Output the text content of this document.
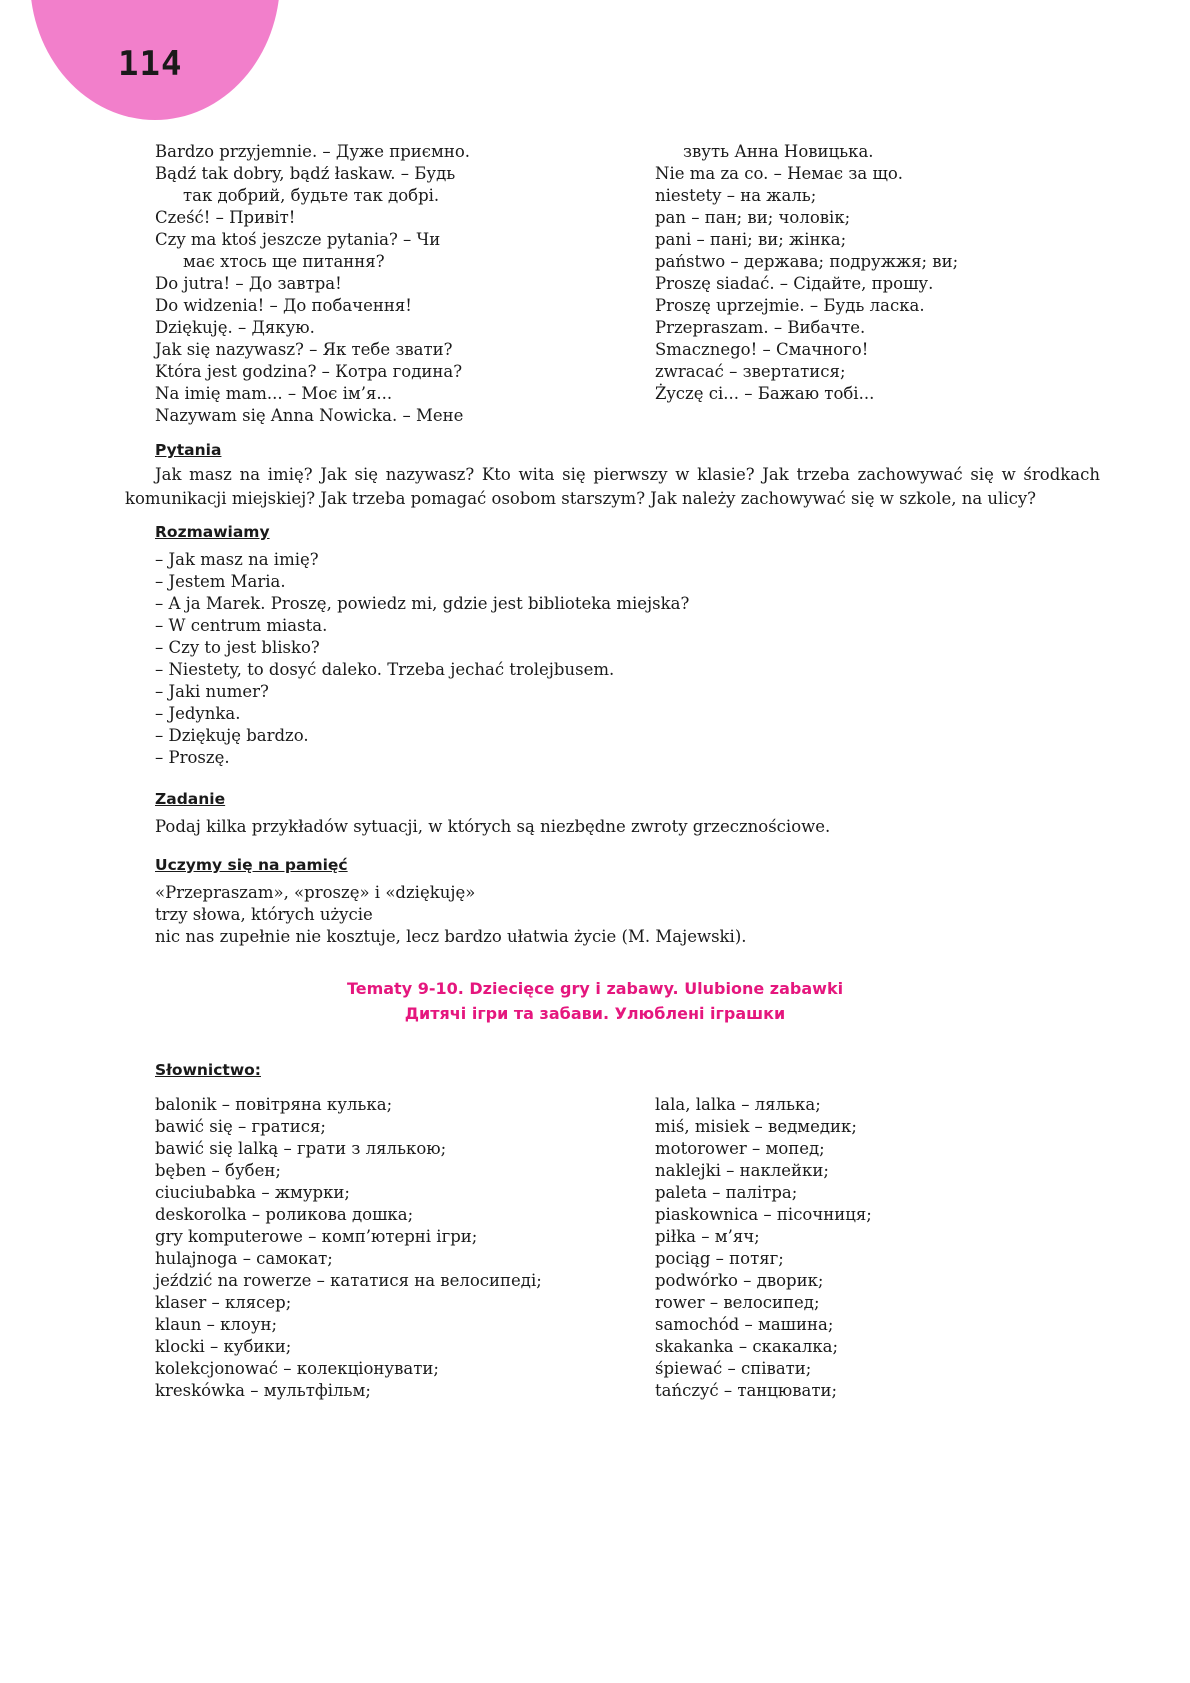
114
Bardzo przyjemnie. – Дуже приємно.
Bądź tak dobry, bądź łaskaw. – Будь
так добрий, будьте так добрі.
Cześć! – Привіт!
Czy ma ktoś jeszcze pytania? – Чи
має хтось ще питання?
Do jutra! – До завтра!
Do widzenia! – До побачення!
Dziękuję. – Дякую.
Jak się nazywasz? – Як тебе звати?
Która jest godzina? – Котра година?
Na imię mam... – Моє ім’я...
Nazywam się Anna Nowicka. – Мене
звуть Анна Новицька.
Nie ma za co. – Немає за що.
niestety – на жаль;
pan – пан; ви; чоловік;
pani – пані; ви; жінка;
państwo – держава; подружжя; ви;
Proszę siadać. – Сідайте, прошу.
Proszę uprzejmie. – Будь ласка.
Przepraszam. – Вибачте.
Smacznego! – Смачного!
zwracać – звертатися;
Życzę ci... – Бажаю тобі...
Pytania
Jak masz na imię? Jak się nazywasz? Kto wita się pierwszy w klasie? Jak trzeba zachowywać się w środkach komunikacji miejskiej? Jak trzeba pomagać osobom starszym? Jak należy zachowywać się w szkole, na ulicy?
Rozmawiamy
– Jak masz na imię?
– Jestem Maria.
– A ja Marek. Proszę, powiedz mi, gdzie jest biblioteka miejska?
– W centrum miasta.
– Czy to jest blisko?
– Niestety, to dosyć daleko. Trzeba jechać trolejbusem.
– Jaki numer?
– Jedynka.
– Dziękuję bardzo.
– Proszę.
Zadanie
Podaj kilka przykładów sytuacji, w których są niezbędne zwroty grzecznościowe.
Uczymy się na pamięć
«Przepraszam», «proszę» i «dziękuję»
trzy słowa, których użycie
nic nas zupełnie nie kosztuje, lecz bardzo ułatwia życie (M. Majewski).
Tematy 9-10. Dziecięce gry i zabawy. Ulubione zabawki
Дитячі ігри та забави. Улюблені іграшки
Słownictwo:
balonik – повітряна кулька;
bawić się – гратися;
bawić się lalką – грати з лялькою;
bęben – бубен;
ciuciubabka – жмурки;
deskorolka – роликова дошка;
gry komputerowe – комп’ютерні ігри;
hulajnoga – самокат;
jeździć na rowerze – кататися на велосипеді;
klaser – клясер;
klaun – клоун;
klocki – кубики;
kolekcjonować – колекціонувати;
kreskówka – мультфільм;
lala, lalka – лялька;
miś, misiek – ведмедик;
motorower – мопед;
naklejki – наклейки;
paleta – палітра;
piaskownica – пісочниця;
piłka – м’яч;
pociąg – потяг;
podwórko – дворик;
rower – велосипед;
samochód – машина;
skakanka – скакалка;
śpiewać – співати;
tańczyć – танцювати;
